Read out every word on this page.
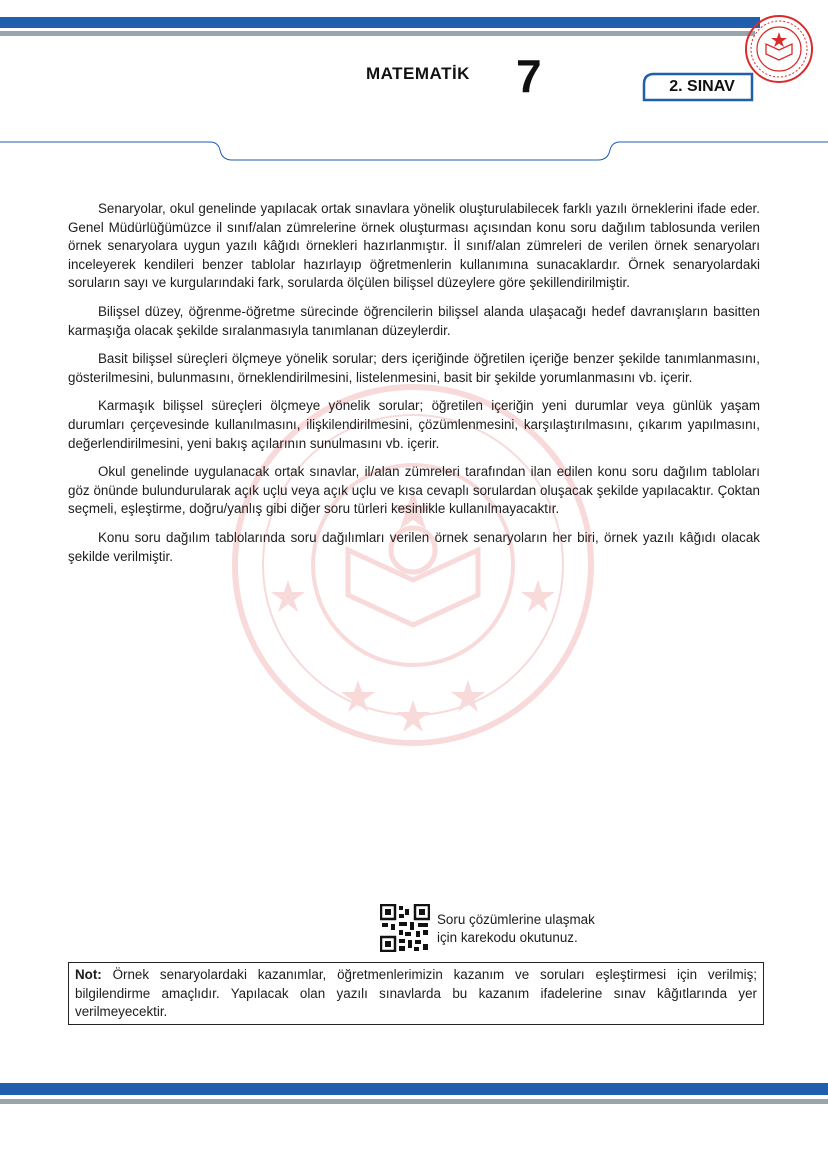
MATEMATİK 7	2. SINAV

Senaryolar, okul genelinde yapılacak ortak sınavlara yönelik oluşturulabilecek farklı yazılı örneklerini ifade eder. Genel Müdürlüğümüzce il sınıf/alan zümrelerine örnek oluşturması açısından konu soru dağılım tablosunda verilen örnek senaryolara uygun yazılı kâğıdı örnekleri hazırlanmıştır. İl sınıf/alan zümreleri de verilen örnek senaryoları inceleyerek kendileri benzer tablolar hazırlayıp öğretmenlerin kullanımına sunacaklardır. Örnek senaryolardaki soruların sayı ve kurgularındaki fark, sorularda ölçülen bilişsel düzeylere göre şekillendirilmiştir.

Bilişsel düzey, öğrenme-öğretme sürecinde öğrencilerin bilişsel alanda ulaşacağı hedef davranışların basitten karmaşığa olacak şekilde sıralanmasıyla tanımlanan düzeylerdir.

Basit bilişsel süreçleri ölçmeye yönelik sorular; ders içeriğinde öğretilen içeriğe benzer şekilde tanımlanmasını, gösterilmesini, bulunmasını, örneklendirilmesini, listelenmesini, basit bir şekilde yorumlanmasını vb. içerir.

Karmaşık bilişsel süreçleri ölçmeye yönelik sorular; öğretilen içeriğin yeni durumlar veya günlük yaşam durumları çerçevesinde kullanılmasını, ilişkilendirilmesini, çözümlenmesini, karşılaştırılmasını, çıkarım yapılmasını, değerlendirilmesini, yeni bakış açılarının sunulmasını vb. içerir.

Okul genelinde uygulanacak ortak sınavlar, il/alan zümreleri tarafından ilan edilen konu soru dağılım tabloları göz önünde bulundurularak açık uçlu veya açık uçlu ve kısa cevaplı sorulardan oluşacak şekilde yapılacaktır. Çoktan seçmeli, eşleştirme, doğru/yanlış gibi diğer soru türleri kesinlikle kullanılmayacaktır.

Konu soru dağılım tablolarında soru dağılımları verilen örnek senaryoların her biri, örnek yazılı kâğıdı olacak şekilde verilmiştir.

Soru çözümlerine ulaşmak
için karekodu okutunuz.
Not: Örnek senaryolardaki kazanımlar, öğretmenlerimizin kazanım ve soruları eşleştirmesi için verilmiş; bilgilendirme amaçlıdır. Yapılacak olan yazılı sınavlarda bu kazanım ifadelerine sınav kâğıtlarında yer verilmeyecektir.
